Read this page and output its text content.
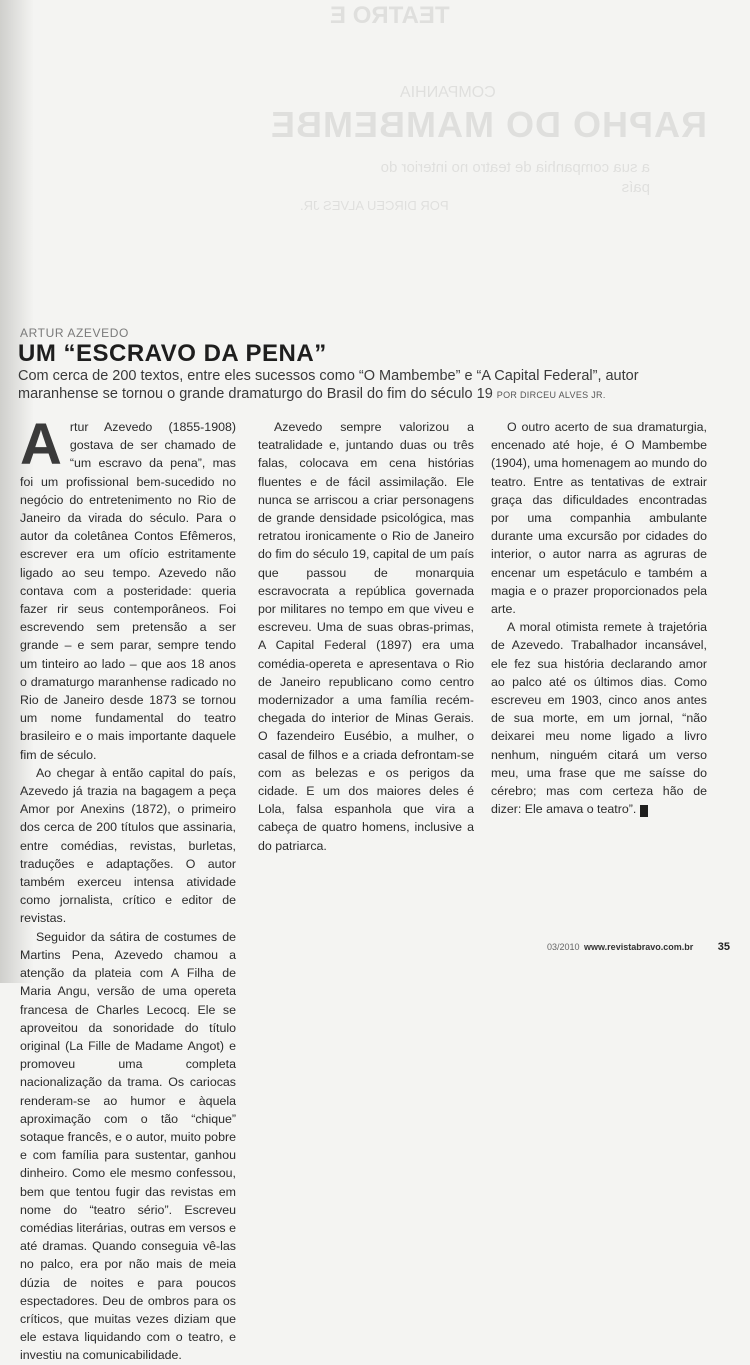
TEATRO E
COMPANHIA
RAPHO DO MAMBEMBE
a sua companhia de teatro no interior do país
POR DIRCEU ALVES JR.
ARTUR AZEVEDO
UM “ESCRAVO DA PENA”
Com cerca de 200 textos, entre eles sucessos como “O Mambembe” e “A Capital Federal”, autor maranhense se tornou o grande dramaturgo do Brasil do fim do século 19 POR DIRCEU ALVES JR.

Artur Azevedo (1855-1908) gostava de ser chamado de “um escravo da pena”, mas foi um profissional bem-sucedido no negócio do entretenimento no Rio de Janeiro da virada do século. Para o autor da coletânea Contos Efêmeros, escrever era um ofício estritamente ligado ao seu tempo. Azevedo não contava com a posteridade: queria fazer rir seus contemporâneos. Foi escrevendo sem pretensão a ser grande – e sem parar, sempre tendo um tinteiro ao lado – que aos 18 anos o dramaturgo maranhense radicado no Rio de Janeiro desde 1873 se tornou um nome fundamental do teatro brasileiro e o mais importante daquele fim de século.

Ao chegar à então capital do país, Azevedo já trazia na bagagem a peça Amor por Anexins (1872), o primeiro dos cerca de 200 títulos que assinaria, entre comédias, revistas, burletas, traduções e adaptações. O autor também exerceu intensa atividade como jornalista, crítico e editor de revistas.

Seguidor da sátira de costumes de Martins Pena, Azevedo chamou a atenção da plateia com A Filha de Maria Angu, versão de uma opereta francesa de Charles Lecocq. Ele se aproveitou da sonoridade do título original (La Fille de Madame Angot) e promoveu uma completa nacionalização da trama. Os cariocas renderam-se ao humor e àquela aproximação com o tão “chique” sotaque francês, e o autor, muito pobre e com família para sustentar, ganhou dinheiro. Como ele mesmo confessou, bem que tentou fugir das revistas em nome do “teatro sério”. Escreveu comédias literárias, outras em versos e até dramas. Quando conseguia vê-las no palco, era por não mais de meia dúzia de noites e para poucos espectadores. Deu de ombros para os críticos, que muitas vezes diziam que ele estava liquidando com o teatro, e investiu na comunicabilidade.

Azevedo sempre valorizou a teatralidade e, juntando duas ou três falas, colocava em cena histórias fluentes e de fácil assimilação. Ele nunca se arriscou a criar personagens de grande densidade psicológica, mas retratou ironicamente o Rio de Janeiro do fim do século 19, capital de um país que passou de monarquia escravocrata a república governada por militares no tempo em que viveu e escreveu. Uma de suas obras-primas, A Capital Federal (1897) era uma comédia-opereta e apresentava o Rio de Janeiro republicano como centro modernizador a uma família recém-chegada do interior de Minas Gerais. O fazendeiro Eusébio, a mulher, o casal de filhos e a criada defrontam-se com as belezas e os perigos da cidade. E um dos maiores deles é Lola, falsa espanhola que vira a cabeça de quatro homens, inclusive a do patriarca.

O outro acerto de sua dramaturgia, encenado até hoje, é O Mambembe (1904), uma homenagem ao mundo do teatro. Entre as tentativas de extrair graça das dificuldades encontradas por uma companhia ambulante durante uma excursão por cidades do interior, o autor narra as agruras de encenar um espetáculo e também a magia e o prazer proporcionados pela arte.

A moral otimista remete à trajetória de Azevedo. Trabalhador incansável, ele fez sua história declarando amor ao palco até os últimos dias. Como escreveu em 1903, cinco anos antes de sua morte, em um jornal, “não deixarei meu nome ligado a livro nenhum, ninguém citará um verso meu, uma frase que me saísse do cérebro; mas com certeza hão de dizer: Ele amava o teatro”. !

03/2010 www.revistabravo.com.br 35
